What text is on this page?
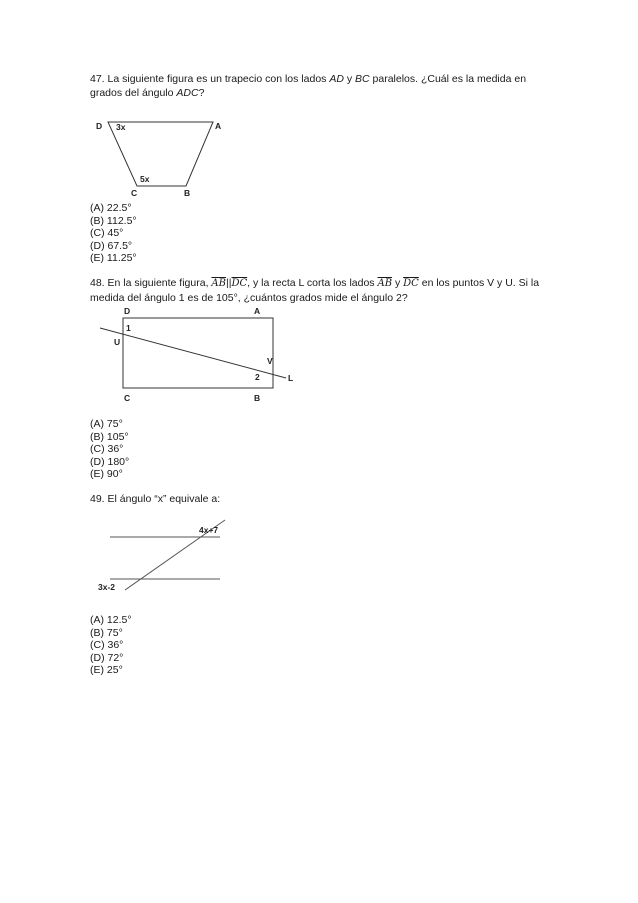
47. La siguiente figura es un trapecio con los lados AD y BC paralelos. ¿Cuál es la medida en grados del ángulo ADC?

D 3x	A
5x
C	B
(A) 22.5°
(B) 112.5°
(C) 45°
(D) 67.5°
(E) 11.25°

48. En la siguiente figura, $\overline{AB}||\overline{DC}$, y la recta L corta los lados $\overline{AB}$ y $\overline{DC}$ en los puntos V y U. Si la medida del ángulo 1 es de 105°, ¿cuántos grados mide el ángulo 2?

D	A
1
U
V
2	L
C	B
(A) 75°
(B) 105°
(C) 36°
(D) 180°
(E) 90°

49. El ángulo “x” equivale a:

4x+7
3x-2
(A) 12.5°
(B) 75°
(C) 36°
(D) 72°
(E) 25°
